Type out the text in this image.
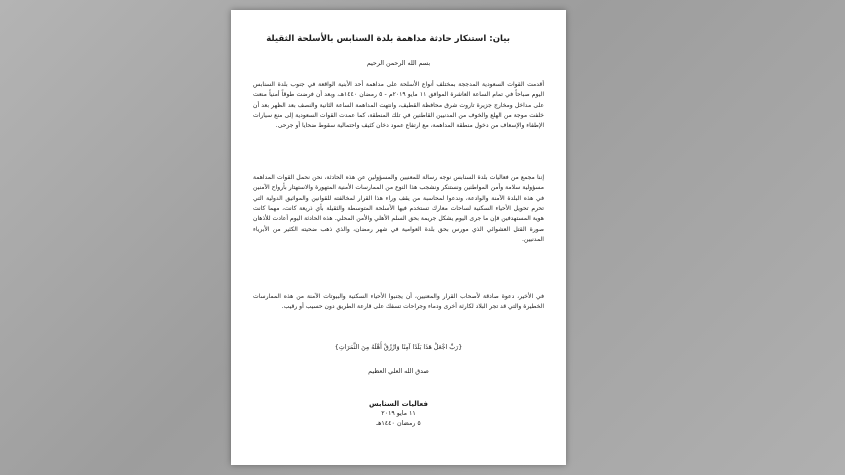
بيان: استنكار حادثة مداهمة بلدة السنابس بالأسلحة الثقيلة
بسم الله الرحمن الرحيم
أقدمت القوات السعودية المدججة بمختلف أنواع الأسلحة على مداهمة أحد الأبنية الواقعة في جنوب بلدة السنابس اليوم صباحاً في تمام الساعة العاشرة الموافق ١١ مايو ٢٠١٩م - ٥ رمضان ١٤٤٠هـ، وبعد أن فرضت طوقاً أمنياً منعت على مداخل ومخارج جزيرة تاروت شرق محافظة القطيف، وانتهت المداهمة الساعة الثانية والنصف بعد الظهر بعد أن خلفت موجة من الهلع والخوف من المدنيين القاطنين في تلك المنطقة، كما عمدت القوات السعودية إلى منع سيارات الإطفاء والإسعاف من دخول منطقة المداهمة، مع ارتفاع عمود دخان كثيف واحتمالية سقوط ضحايا أو جرحى.
إننا مجمع من فعاليات بلدة السنابس نوجه رسالة للمعنيين والمسؤولين عن هذه الحادثة، نحن نحمل القوات المداهمة مسؤولية سلامة وأمن المواطنين ونستنكر ونشجب هذا النوع من الممارسات الأمنية المتهورة والاستهتار بأرواح الآمنين في هذه البلدة الآمنة والوادعة، وندعوا لمحاسبة من يقف وراء هذا القرار لمخالفته للقوانين والمواثيق الدولية التي تحرم تحويل الأحياء السكنية لساحات معارك تستخدم فيها الأسلحة المتوسطة والثقيلة بأي ذريعة كانت، مهما كانت هوية المستهدفين فإن ما جرى اليوم يشكل جريمة بحق السلم الأهلي والأمن المحلي. هذه الحادثة اليوم أعادت للأذهان صورة القتل العشوائي الذي مورس بحق بلدة العوامية في شهر رمضان، والذي ذهب ضحيته الكثير من الأبرياء المدنيين.
في الأخير، دعوة صادقة لأصحاب القرار والمعنيين، أن يجنبوا الأحياء السكنية والبيوتات الآمنة من هذه الممارسات الخطيرة والتي قد تجر البلاد لكارثة أخرى ودماء وجراحات تسفك على قارعة الطريق دون حسيب أو رقيب.
{رَبِّ اجْعَلْ هَذَا بَلَدًا آمِنًا وَارْزُقْ أَهْلَهُ مِنَ الثَّمَرَاتِ}
صدق الله العلي العظيم
فعاليات السنابس
١١ مايو ٢٠١٩
٥ رمضان ١٤٤٠هـ
